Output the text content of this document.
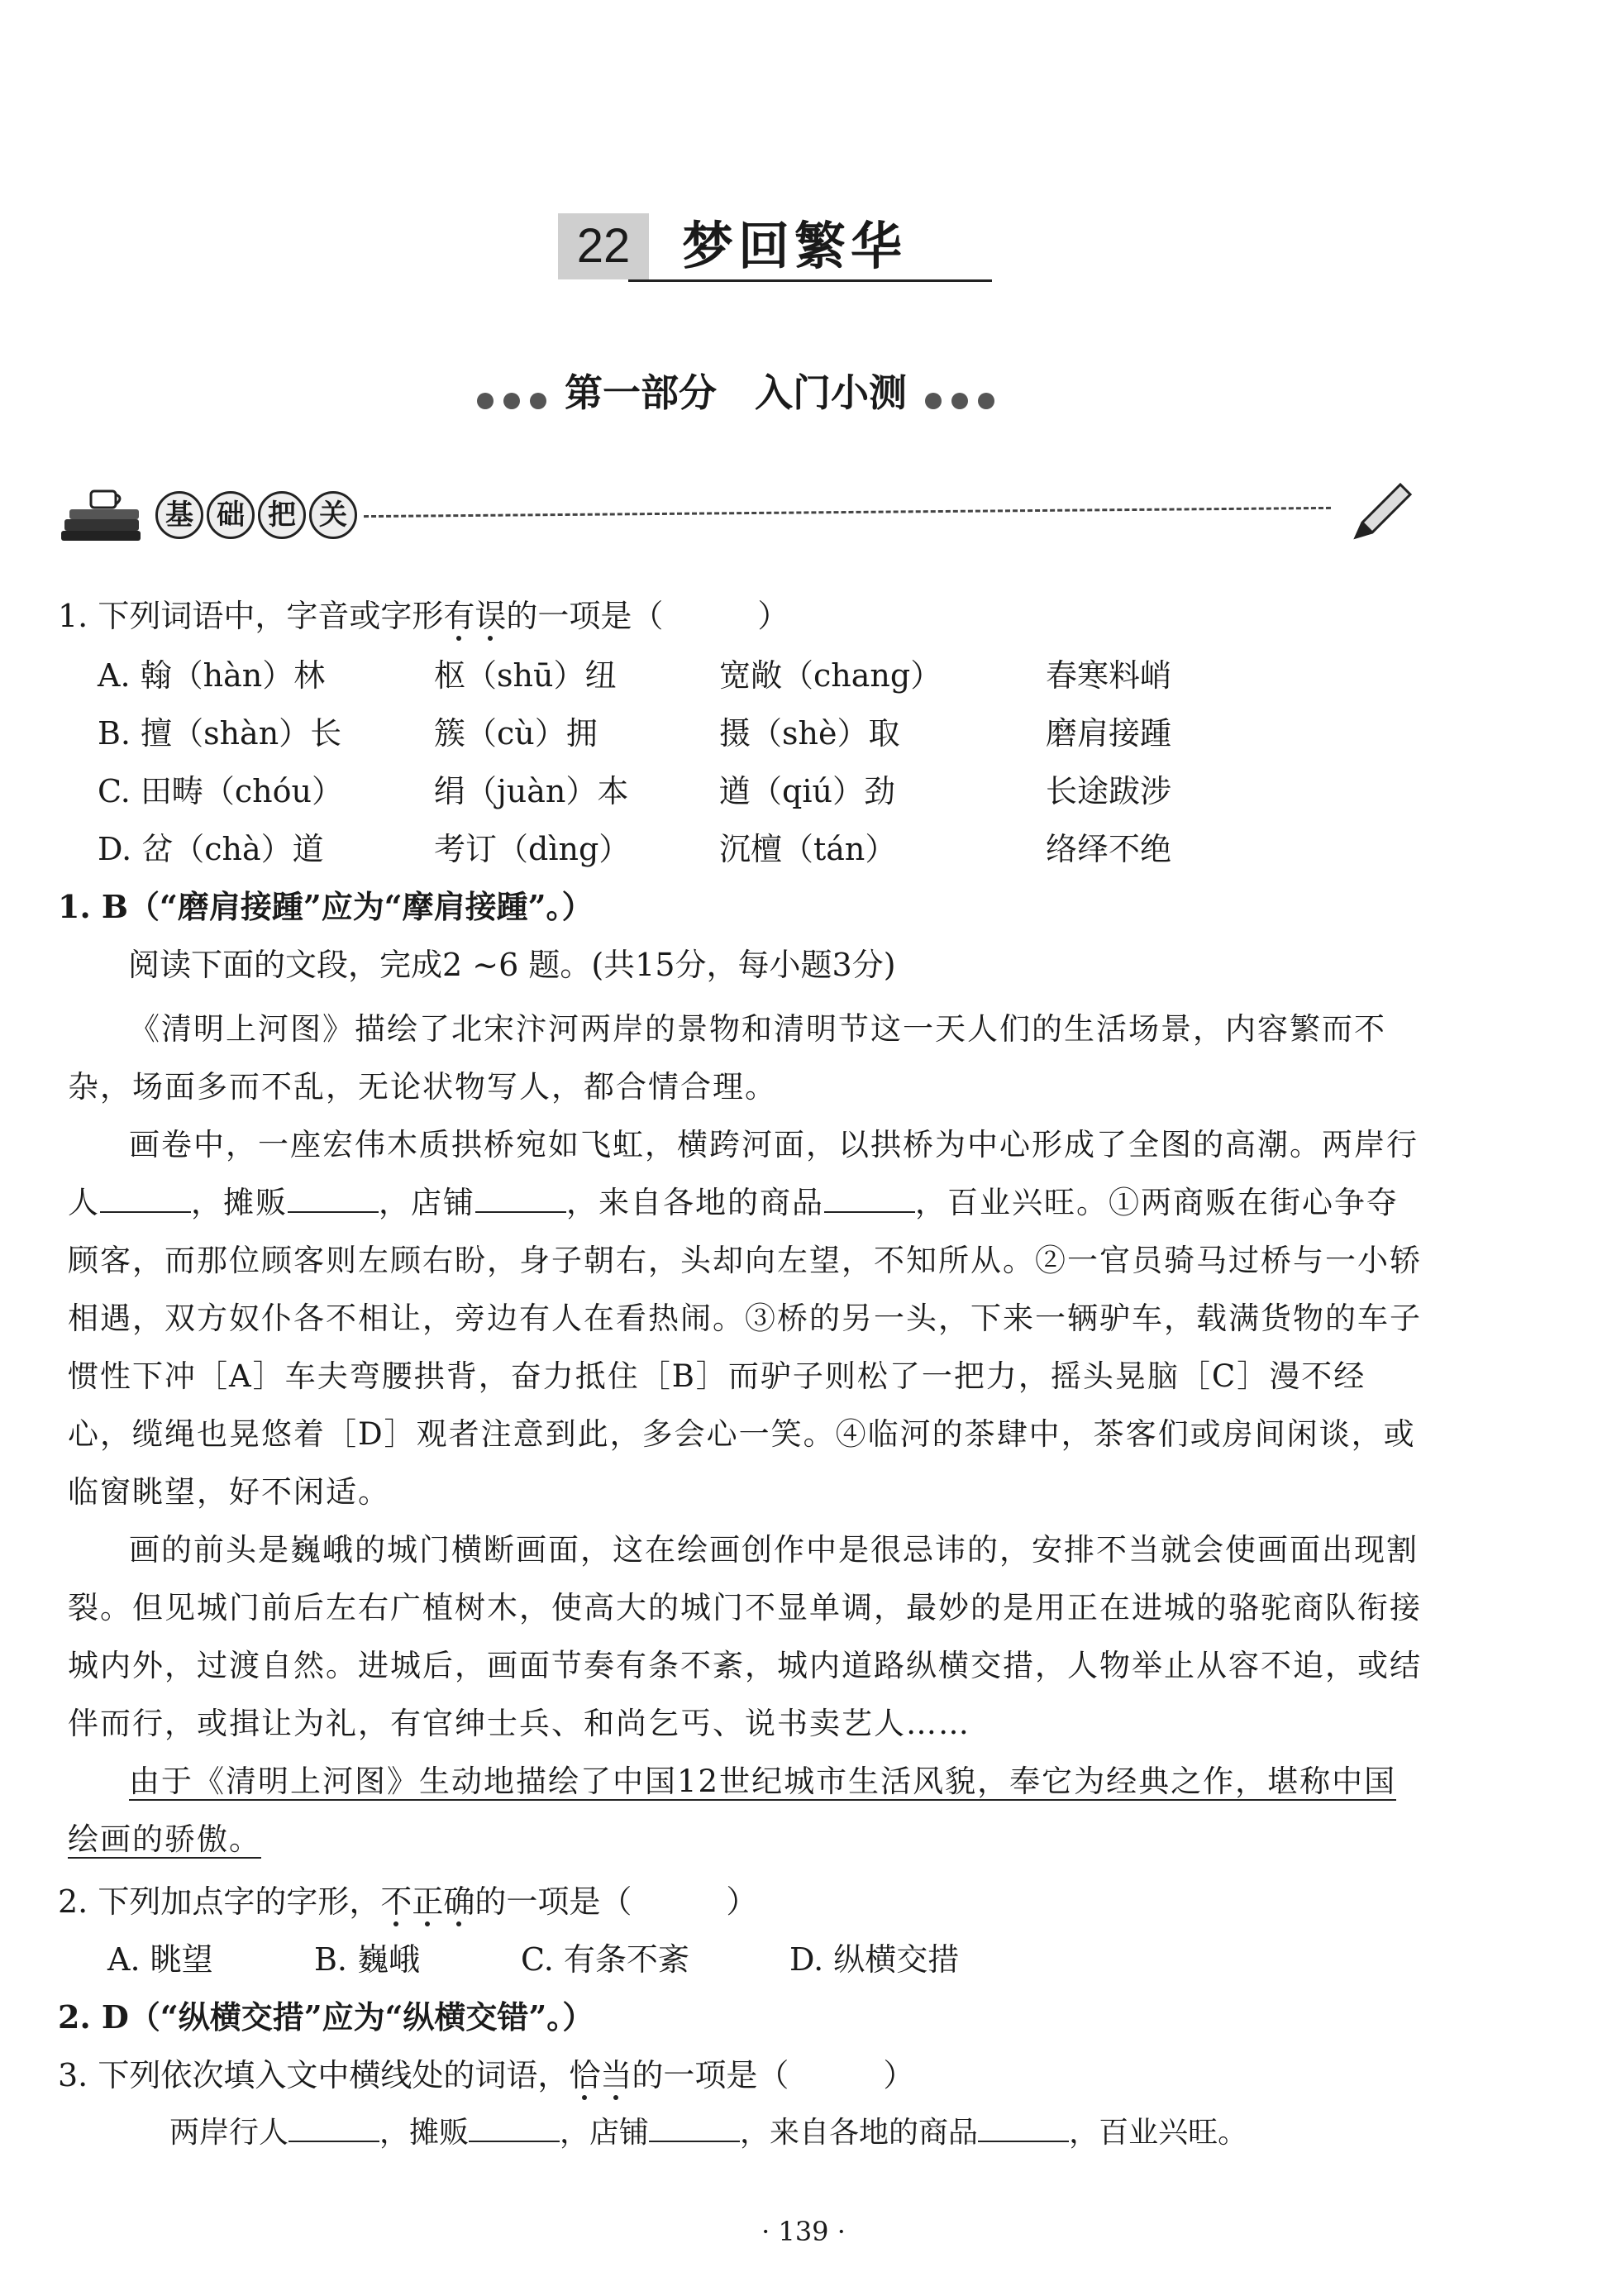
22	梦回繁华
第一部分　入门小测
基 础 把 关
1. 下列词语中，字音或字形有误的一项是（　　　）
A. 翰（hàn）林	枢（shū）纽	宽敞（chang）	春寒料峭
B. 擅（shàn）长	簇（cù）拥	摄（shè）取	磨肩接踵
C. 田畴（chóu）	绢（juàn）本	遒（qiú）劲	长途跋涉
D. 岔（chà）道	考订（dìng）	沉檀（tán）	络绎不绝
1. B（“磨肩接踵”应为“摩肩接踵”。）
阅读下面的文段，完成2 ~6 题。(共15分，每小题3分)
《清明上河图》描绘了北宋汴河两岸的景物和清明节这一天人们的生活场景，内容繁而不杂，场面多而不乱，无论状物写人，都合情合理。
画卷中，一座宏伟木质拱桥宛如飞虹，横跨河面，以拱桥为中心形成了全图的高潮。两岸行人	，摊贩	，店铺	，来自各地的商品	，百业兴旺。①两商贩在街心争夺顾客，而那位顾客则左顾右盼，身子朝右，头却向左望，不知所从。②一官员骑马过桥与一小轿相遇，双方奴仆各不相让，旁边有人在看热闹。③桥的另一头，下来一辆驴车，载满货物的车子惯性下冲［A］车夫弯腰拱背，奋力抵住［B］而驴子则松了一把力，摇头晃脑［C］漫不经心，缆绳也晃悠着［D］观者注意到此，多会心一笑。④临河的茶肆中，茶客们或房间闲谈，或临窗眺望，好不闲适。
画的前头是巍峨的城门横断画面，这在绘画创作中是很忌讳的，安排不当就会使画面出现割裂。但见城门前后左右广植树木，使高大的城门不显单调，最妙的是用正在进城的骆驼商队衔接城内外，过渡自然。进城后，画面节奏有条不紊，城内道路纵横交措，人物举止从容不迫，或结伴而行，或揖让为礼，有官绅士兵、和尚乞丐、说书卖艺人……
由于《清明上河图》生动地描绘了中国12世纪城市生活风貌，奉它为经典之作，堪称中国绘画的骄傲。
2. 下列加点字的字形，不正确的一项是（　　　）
A. 眺望	B. 巍峨	C. 有条不紊	D. 纵横交措
2. D（“纵横交措”应为“纵横交错”。）
3. 下列依次填入文中横线处的词语，恰当的一项是（　　　）
两岸行人	，摊贩	，店铺	，来自各地的商品	，百业兴旺。
· 139 ·
